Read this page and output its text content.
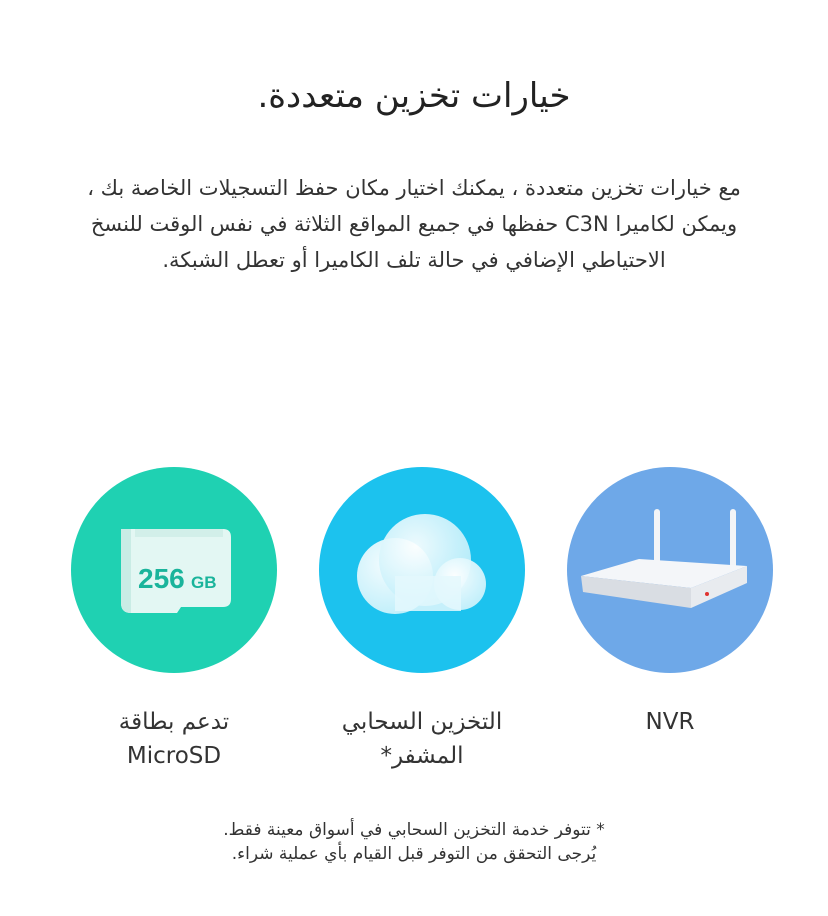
خيارات تخزين متعددة.

مع خيارات تخزين متعددة ، يمكنك اختيار مكان حفظ التسجيلات الخاصة بك ، ويمكن لكاميرا C3N حفظها في جميع المواقع الثلاثة في نفس الوقت للنسخ الاحتياطي الإضافي في حالة تلف الكاميرا أو تعطل الشبكة.

256 GB
تدعم بطاقة
MicroSD
التخزين السحابي
المشفر*
NVR

* تتوفر خدمة التخزين السحابي في أسواق معينة فقط.
يُرجى التحقق من التوفر قبل القيام بأي عملية شراء.
